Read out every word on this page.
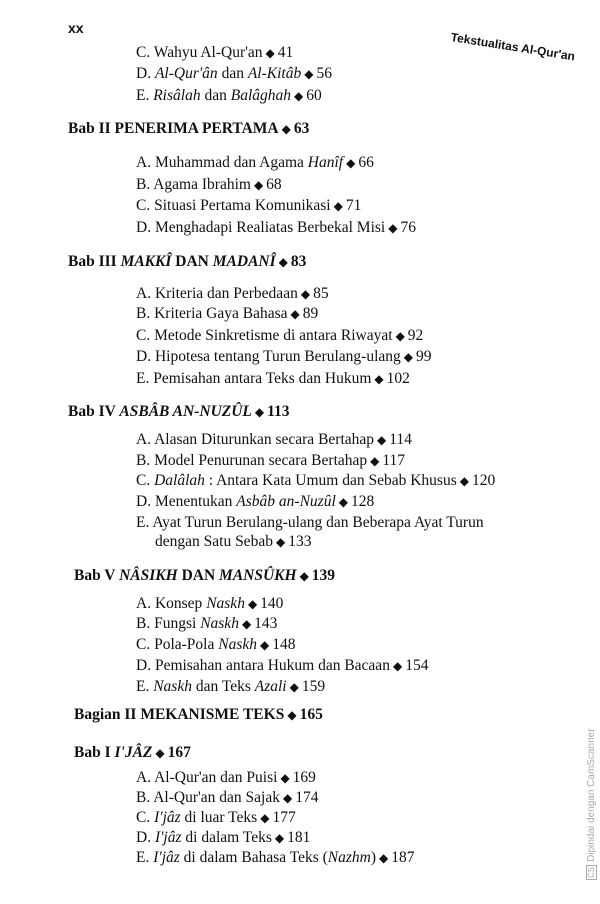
xx
Tekstualitas Al-Qur'an
C. Wahyu Al-Qur'an ◆ 41
D. Al-Qur'ân dan Al-Kitâb ◆ 56
E. Risâlah dan Balâghah ◆ 60
Bab II PENERIMA PERTAMA ◆ 63
A. Muhammad dan Agama Hanîf ◆ 66
B. Agama Ibrahim ◆ 68
C. Situasi Pertama Komunikasi ◆ 71
D. Menghadapi Realiatas Berbekal Misi ◆ 76
Bab III MAKKÎ DAN MADANÎ ◆ 83
A. Kriteria dan Perbedaan ◆ 85
B. Kriteria Gaya Bahasa ◆ 89
C. Metode Sinkretisme di antara Riwayat ◆ 92
D. Hipotesa tentang Turun Berulang-ulang ◆ 99
E. Pemisahan antara Teks dan Hukum ◆ 102
Bab IV ASBÂB AN-NUZÛL ◆ 113
A. Alasan Diturunkan secara Bertahap ◆ 114
B. Model Penurunan secara Bertahap ◆ 117
C. Dalâlah : Antara Kata Umum dan Sebab Khusus ◆ 120
D. Menentukan Asbâb an-Nuzûl ◆ 128
E. Ayat Turun Berulang-ulang dan Beberapa Ayat Turun
dengan Satu Sebab ◆ 133
Bab V NÂSIKH DAN MANSÛKH ◆ 139
A. Konsep Naskh ◆ 140
B. Fungsi Naskh ◆ 143
C. Pola-Pola Naskh ◆ 148
D. Pemisahan antara Hukum dan Bacaan ◆ 154
E. Naskh dan Teks Azali ◆ 159
Bagian II MEKANISME TEKS ◆ 165
Bab I I'JÂZ ◆ 167
A. Al-Qur'an dan Puisi ◆ 169
B. Al-Qur'an dan Sajak ◆ 174
C. I'jâz di luar Teks ◆ 177
D. I'jâz di dalam Teks ◆ 181
E. I'jâz di dalam Bahasa Teks (Nazhm) ◆ 187
CSDipindai dengan CamScanner
